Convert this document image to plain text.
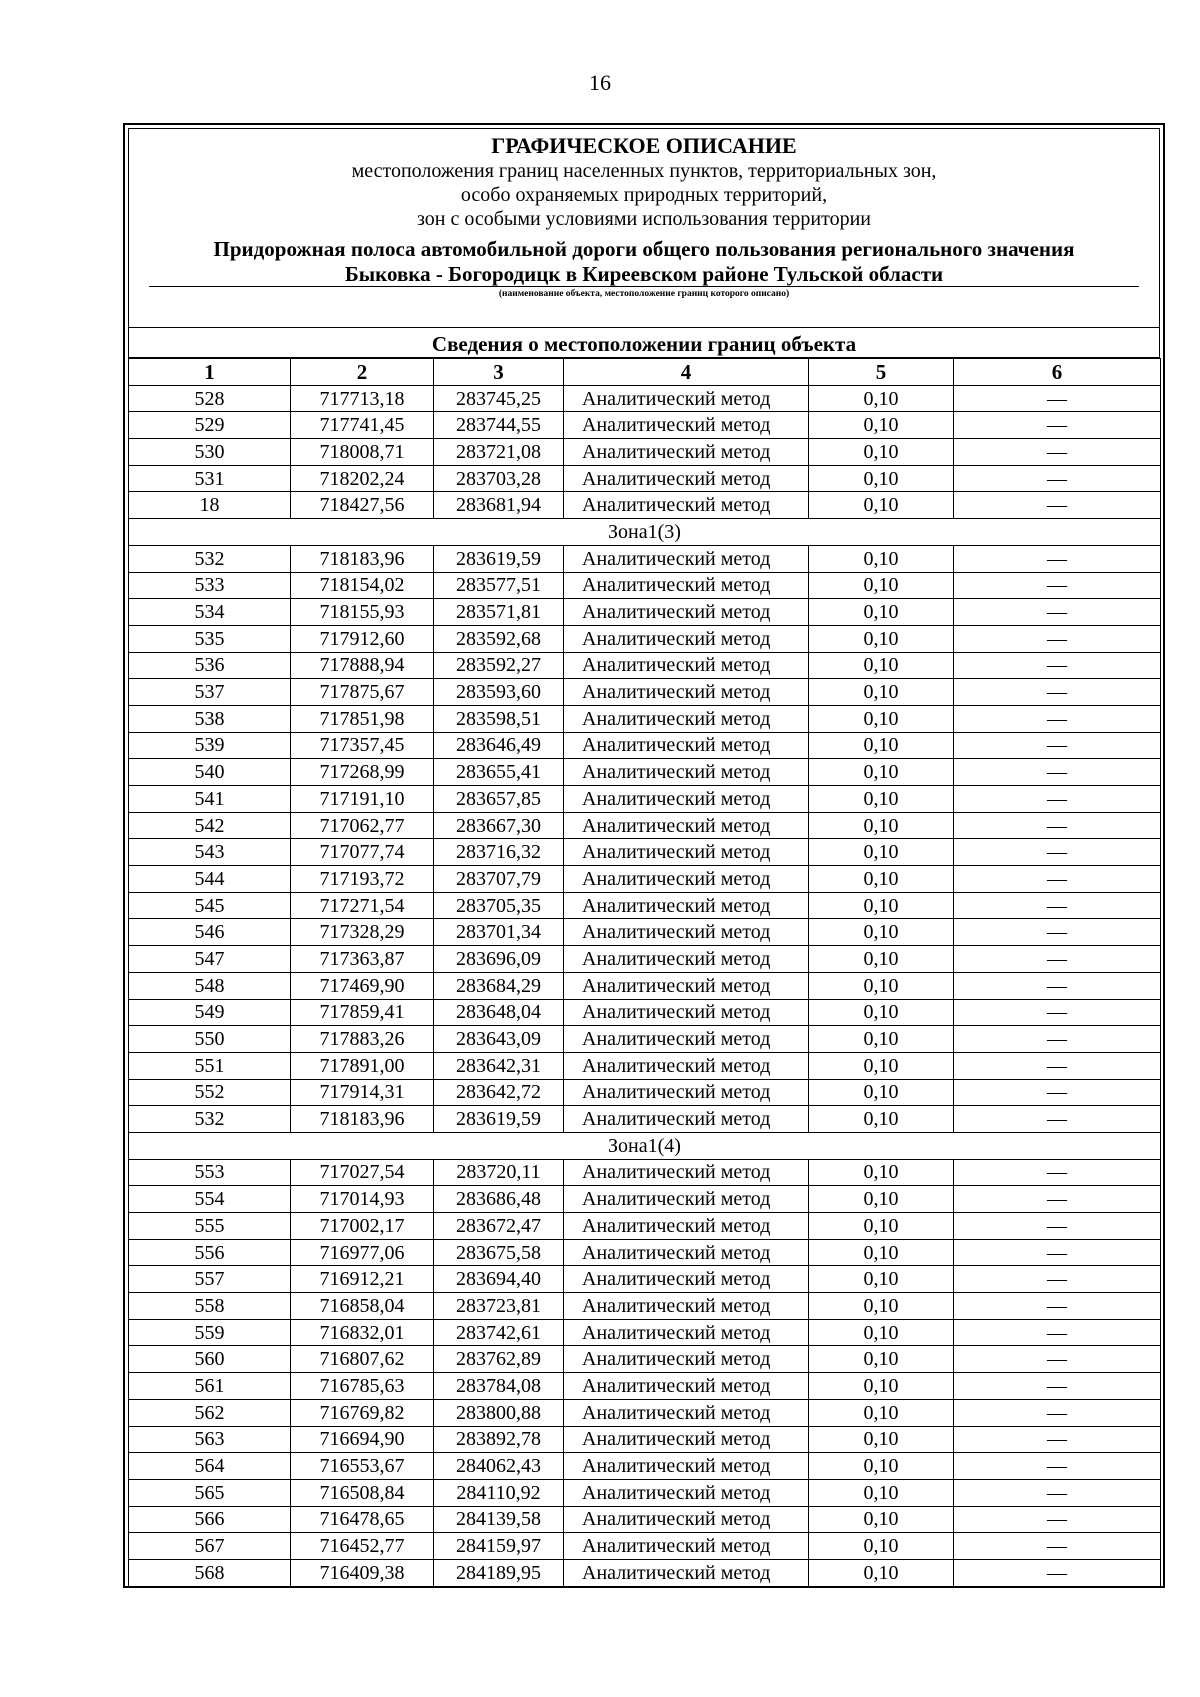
16
ГРАФИЧЕСКОЕ ОПИСАНИЕ
местоположения границ населенных пунктов, территориальных зон,
особо охраняемых природных территорий,
зон с особыми условиями использования территории
Придорожная полоса автомобильной дороги общего пользования регионального значения
Быковка - Богородицк в Киреевском районе Тульской области
(наименование объекта, местоположение границ которого описано)
Сведения о местоположении границ объекта
1	2	3	4	5	6
528	717713,18	283745,25	Аналитический метод	0,10	—
529	717741,45	283744,55	Аналитический метод	0,10	—
530	718008,71	283721,08	Аналитический метод	0,10	—
531	718202,24	283703,28	Аналитический метод	0,10	—
18	718427,56	283681,94	Аналитический метод	0,10	—
Зона1(3)					
532	718183,96	283619,59	Аналитический метод	0,10	—
533	718154,02	283577,51	Аналитический метод	0,10	—
534	718155,93	283571,81	Аналитический метод	0,10	—
535	717912,60	283592,68	Аналитический метод	0,10	—
536	717888,94	283592,27	Аналитический метод	0,10	—
537	717875,67	283593,60	Аналитический метод	0,10	—
538	717851,98	283598,51	Аналитический метод	0,10	—
539	717357,45	283646,49	Аналитический метод	0,10	—
540	717268,99	283655,41	Аналитический метод	0,10	—
541	717191,10	283657,85	Аналитический метод	0,10	—
542	717062,77	283667,30	Аналитический метод	0,10	—
543	717077,74	283716,32	Аналитический метод	0,10	—
544	717193,72	283707,79	Аналитический метод	0,10	—
545	717271,54	283705,35	Аналитический метод	0,10	—
546	717328,29	283701,34	Аналитический метод	0,10	—
547	717363,87	283696,09	Аналитический метод	0,10	—
548	717469,90	283684,29	Аналитический метод	0,10	—
549	717859,41	283648,04	Аналитический метод	0,10	—
550	717883,26	283643,09	Аналитический метод	0,10	—
551	717891,00	283642,31	Аналитический метод	0,10	—
552	717914,31	283642,72	Аналитический метод	0,10	—
532	718183,96	283619,59	Аналитический метод	0,10	—
Зона1(4)					
553	717027,54	283720,11	Аналитический метод	0,10	—
554	717014,93	283686,48	Аналитический метод	0,10	—
555	717002,17	283672,47	Аналитический метод	0,10	—
556	716977,06	283675,58	Аналитический метод	0,10	—
557	716912,21	283694,40	Аналитический метод	0,10	—
558	716858,04	283723,81	Аналитический метод	0,10	—
559	716832,01	283742,61	Аналитический метод	0,10	—
560	716807,62	283762,89	Аналитический метод	0,10	—
561	716785,63	283784,08	Аналитический метод	0,10	—
562	716769,82	283800,88	Аналитический метод	0,10	—
563	716694,90	283892,78	Аналитический метод	0,10	—
564	716553,67	284062,43	Аналитический метод	0,10	—
565	716508,84	284110,92	Аналитический метод	0,10	—
566	716478,65	284139,58	Аналитический метод	0,10	—
567	716452,77	284159,97	Аналитический метод	0,10	—
568	716409,38	284189,95	Аналитический метод	0,10	—
